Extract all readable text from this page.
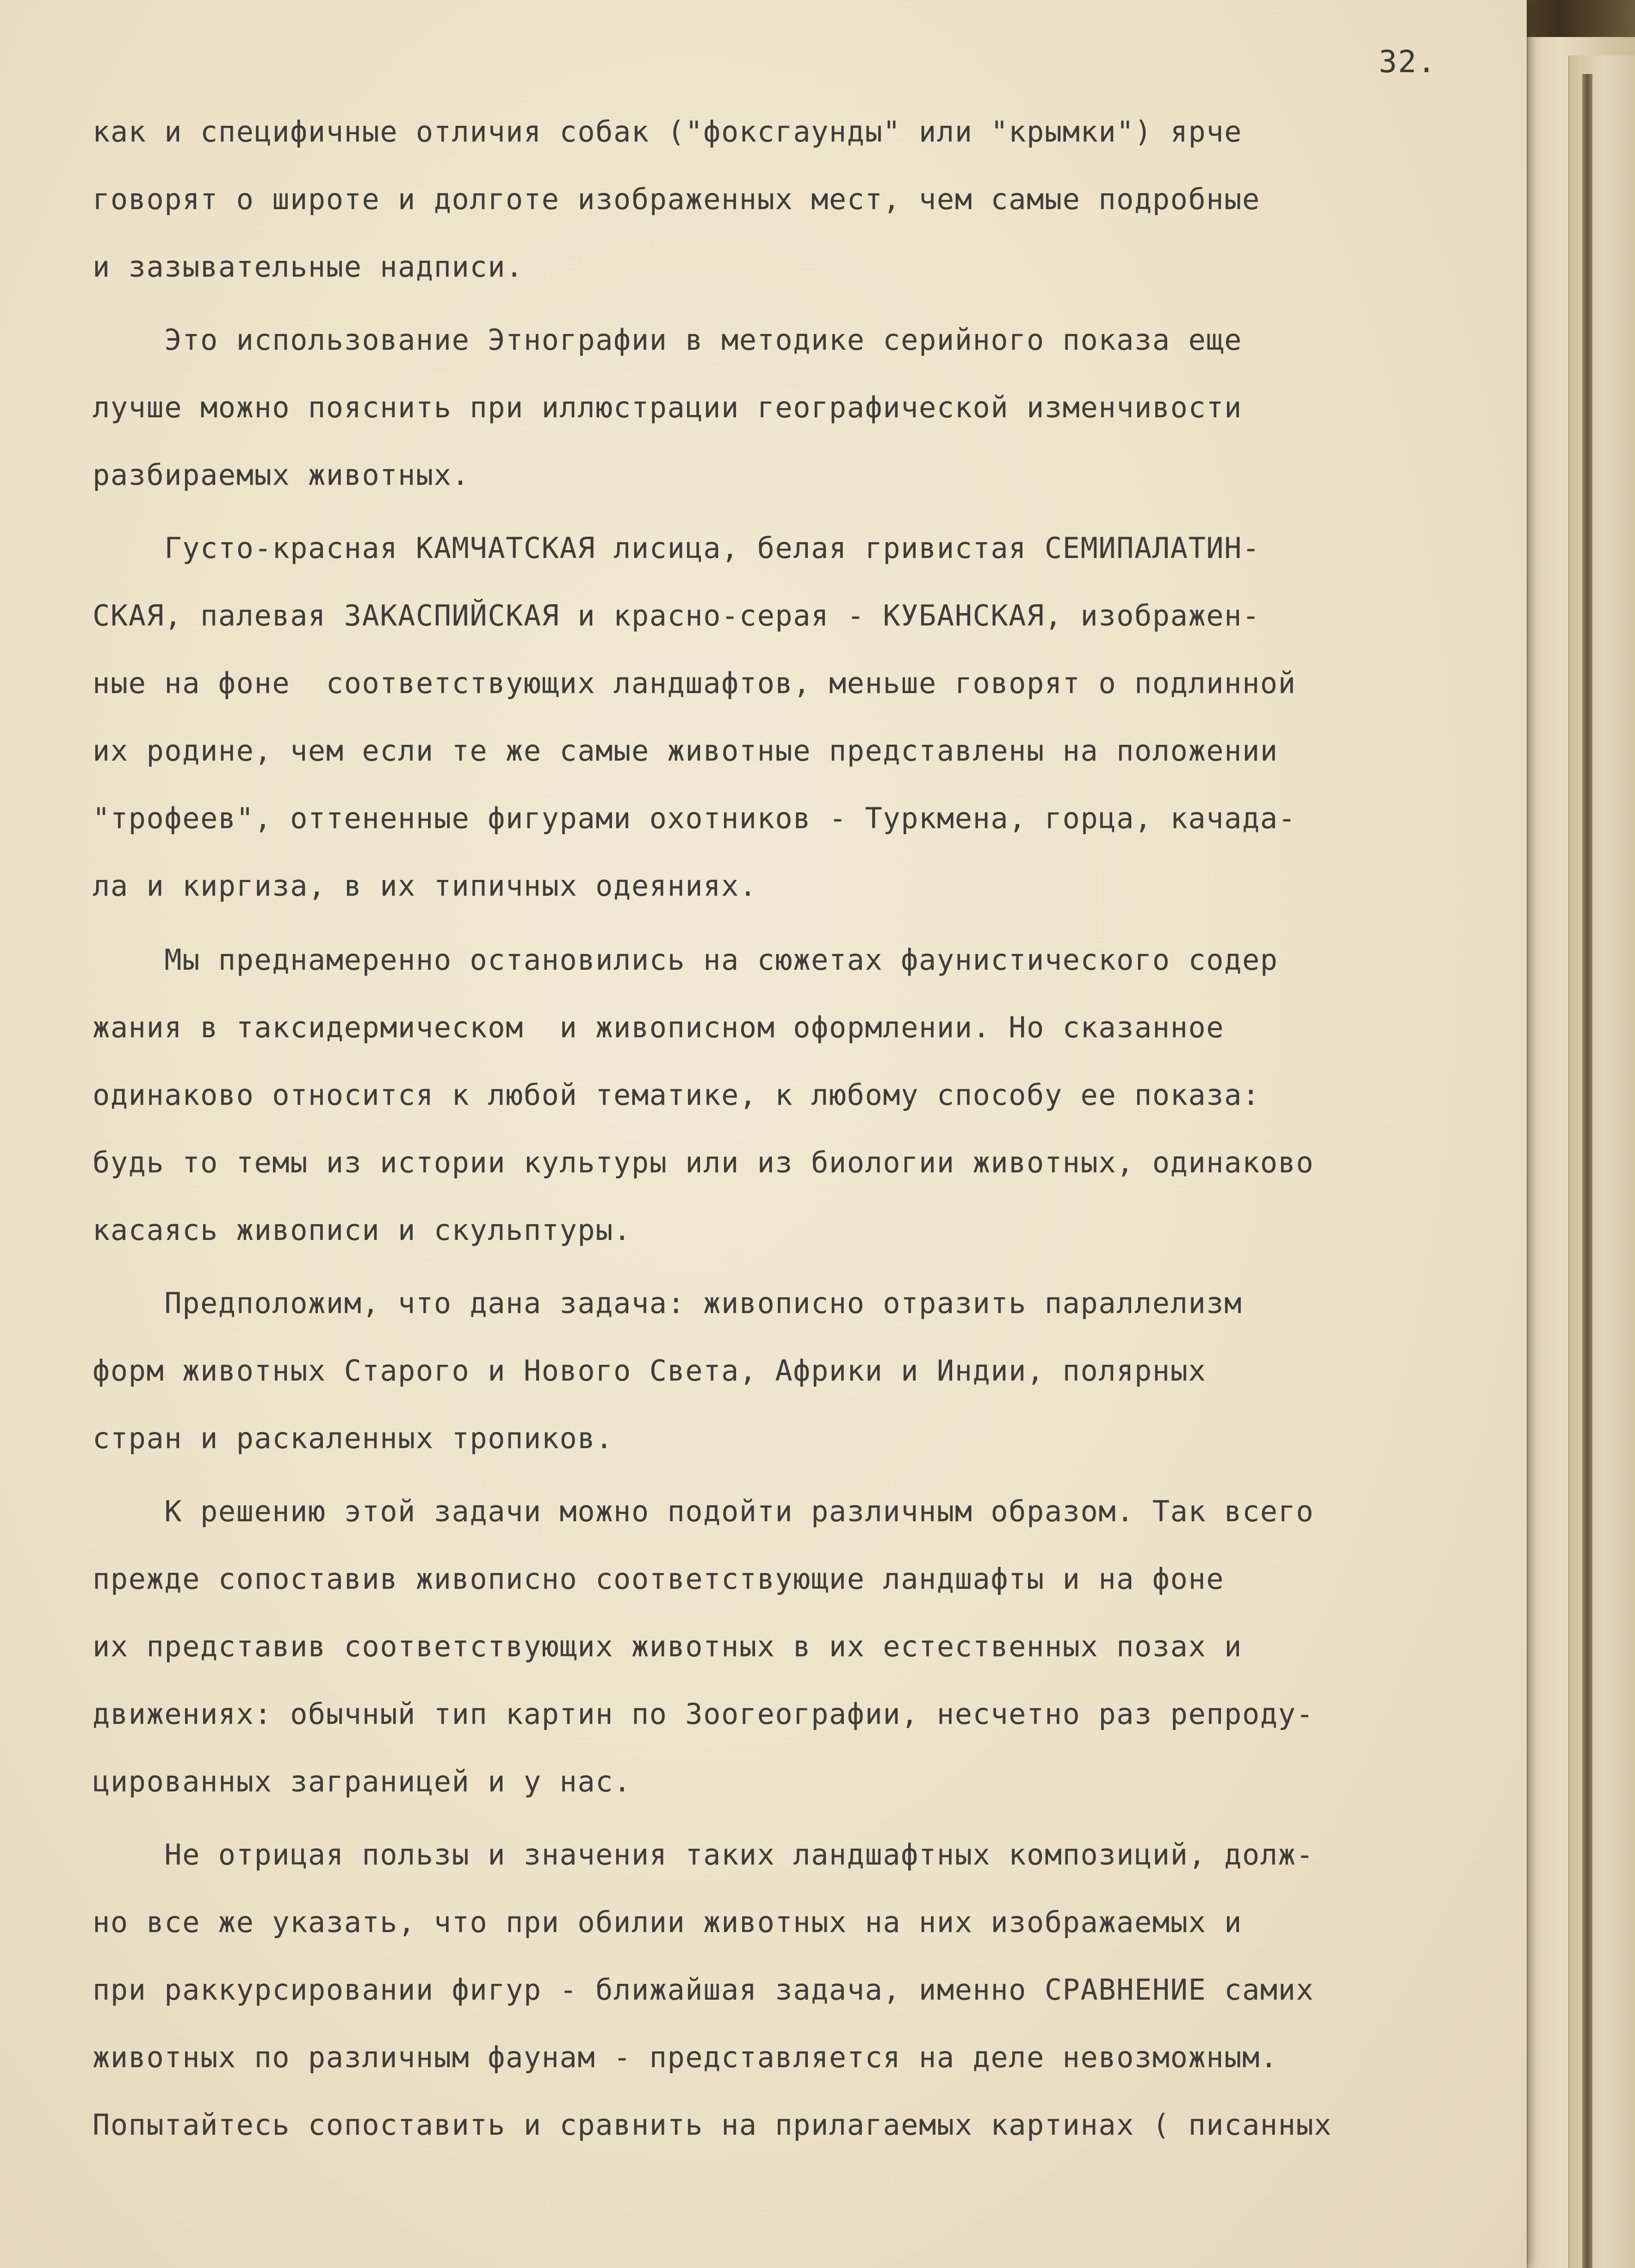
32.
как и специфичные отличия собак ("фоксгаунды" или "крымки") ярче
говорят о широте и долготе изображенных мест, чем самые подробные
и зазывательные надписи.
Это использование Этнографии в методике серийного показа еще
лучше можно пояснить при иллюстрации географической изменчивости
разбираемых животных.
Густо-красная КАМЧАТСКАЯ лисица, белая гривистая СЕМИПАЛАТИН-
СКАЯ, палевая ЗАКАСПИЙСКАЯ и красно-серая - КУБАНСКАЯ, изображен-
ные на фоне  соответствующих ландшафтов, меньше говорят о подлинной
их родине, чем если те же самые животные представлены на положении
"трофеев", оттененные фигурами охотников - Туркмена, горца, качада-
ла и киргиза, в их типичных одеяниях.
Мы преднамеренно остановились на сюжетах фаунистического содер
жания в таксидермическом  и живописном оформлении. Но сказанное
одинаково относится к любой тематике, к любому способу ее показа:
будь то темы из истории культуры или из биологии животных, одинаково
касаясь живописи и скульптуры.
Предположим, что дана задача: живописно отразить параллелизм
форм животных Старого и Нового Света, Африки и Индии, полярных
стран и раскаленных тропиков.
К решению этой задачи можно подойти различным образом. Так всего
прежде сопоставив живописно соответствующие ландшафты и на фоне
их представив соответствующих животных в их естественных позах и
движениях: обычный тип картин по Зоогеографии, несчетно раз репроду-
цированных заграницей и у нас.
Не отрицая пользы и значения таких ландшафтных композиций, долж-
но все же указать, что при обилии животных на них изображаемых и
при раккурсировании фигур - ближайшая задача, именно СРАВНЕНИЕ самих
животных по различным фаунам - представляется на деле невозможным.
Попытайтесь сопоставить и сравнить на прилагаемых картинах ( писанных
